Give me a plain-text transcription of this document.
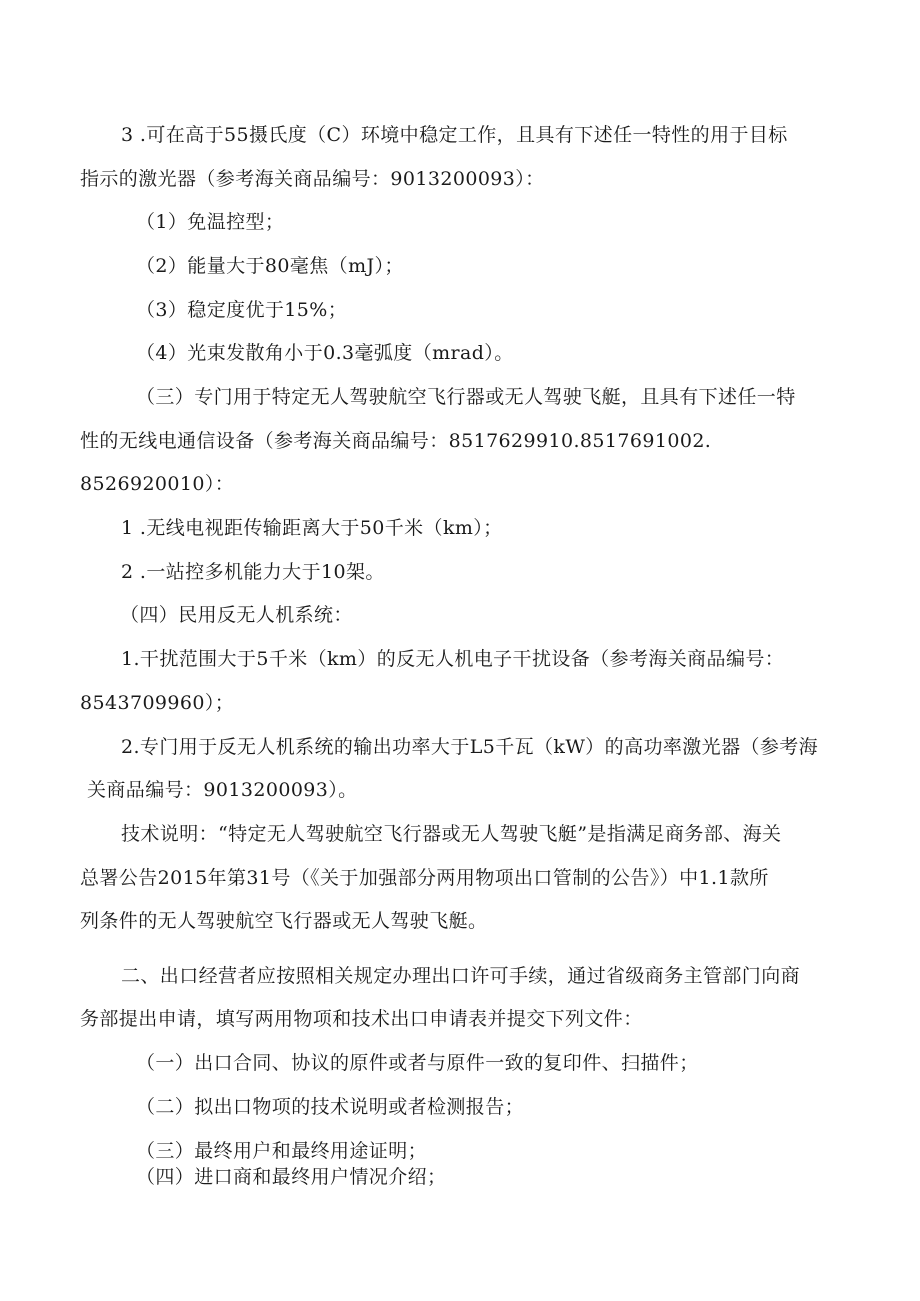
3 .可在高于55摄氏度（C）环境中稳定工作，且具有下述任一特性的用于目标
指示的激光器（参考海关商品编号：9013200093）：
（1）免温控型；
（2）能量大于80毫焦（mJ）；
（3）稳定度优于15%；
（4）光束发散角小于0.3毫弧度（mrad）。
（三）专门用于特定无人驾驶航空飞行器或无人驾驶飞艇，且具有下述任一特
性的无线电通信设备（参考海关商品编号：8517629910.8517691002.
8526920010）：
1 .无线电视距传输距离大于50千米（km）；
2 .一站控多机能力大于10架。
（四）民用反无人机系统：
1.干扰范围大于5千米（km）的反无人机电子干扰设备（参考海关商品编号：
8543709960）；
2.专门用于反无人机系统的输出功率大于L5千瓦（kW）的高功率激光器（参考海
关商品编号：9013200093）。
技术说明：“特定无人驾驶航空飞行器或无人驾驶飞艇”是指满足商务部、海关
总署公告2015年第31号（《关于加强部分两用物项出口管制的公告》）中1.1款所
列条件的无人驾驶航空飞行器或无人驾驶飞艇。
二、出口经营者应按照相关规定办理出口许可手续，通过省级商务主管部门向商
务部提出申请，填写两用物项和技术出口申请表并提交下列文件：
（一）出口合同、协议的原件或者与原件一致的复印件、扫描件；
（二）拟出口物项的技术说明或者检测报告；
（三）最终用户和最终用途证明；
（四）进口商和最终用户情况介绍；
